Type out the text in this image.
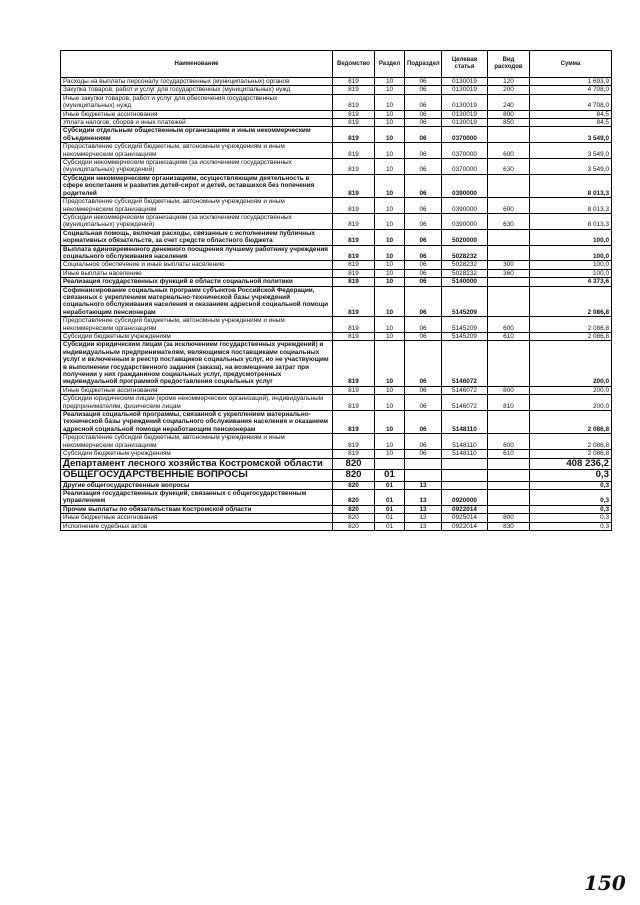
Наименование	Ведомство	Раздел	Подраздел	Целевая статья	Вид расходов	Сумма
Расходы на выплаты персоналу государственных (муниципальных) органов	819	10	06	0130019	120	1 693,9
Закупка товаров, работ и услуг для государственных (муниципальных) нужд	819	10	06	0130019	200	4 708,0
Иные закупки товаров, работ и услуг для обеспечения государственных (муниципальных) нужд	819	10	06	0130019	240	4 708,0
Иные бюджетные ассигнования	819	10	06	0130019	800	84,5
Уплата налогов, сборов и иных платежей	819	10	06	0130019	850	84,5
Субсидии отдельным общественным организациям и иным некоммерческим объединениям	819	10	06	0370000		3 549,0
Предоставление субсидий бюджетным, автономным учреждениям и иным некоммерческим организациям	819	10	06	0370000	600	3 549,0
Субсидии некоммерческим организациям (за исключением государственных (муниципальных) учреждений)	819	10	06	0370000	630	3 549,0
Субсидии некоммерческим организациям, осуществляющим деятельность в сфере воспитания и развития детей-сирот и детей, оставшихся без попечения родителей	819	10	06	0390000		8 013,3
Предоставление субсидий бюджетным, автономным учреждениям и иным некоммерческим организациям	819	10	06	0390000	600	8 013,3
Субсидии некоммерческим организациям (за исключением государственных (муниципальных) учреждений)	819	10	06	0390000	630	8 013,3
Социальная помощь, включая расходы, связанные с исполнением публичных нормативных обязательств, за счет средств областного бюджета	819	10	06	5020000		100,0
Выплата единовременного денежного поощрения лучшему работнику учреждения социального обслуживания населения	819	10	06	5028232		100,0
Социальное обеспечение и иные выплаты населению	819	10	06	5028232	300	100,0
Иные выплаты населению	819	10	06	5028232	360	100,0
Реализация государственных функций в области социальной политики	819	10	06	5140000		4 373,6
Софинансирование социальных программ субъектов Российской Федерации, связанных с укреплением материально-технической базы учреждений социального обслуживания населения и оказанием адресной социальной помощи неработающим пенсионерам	819	10	06	5145209		2 086,8
Предоставление субсидий бюджетным, автономным учреждениям и иным некоммерческим организациям	819	10	06	5145209	600	2 086,8
Субсидии бюджетным учреждениям	819	10	06	5145209	610	2 086,8
Субсидии юридическим лицам (за исключением государственных учреждений) и индивидуальным предпринимателям, являющимся поставщиками социальных услуг и включенным в реестр поставщиков социальных услуг, но не участвующим в выполнении государственного задания (заказа), на возмещение затрат при получении у них гражданином социальных услуг, предусмотренных индивидуальной программой предоставления социальных услуг	819	10	06	5146072		200,0
Иные бюджетные ассигнования	819	10	06	5146072	800	200,0
Субсидии юридическим лицам (кроме некоммерческих организаций), индивидуальным предпринимателям, физическим лицам	819	10	06	5146072	810	200,0
Реализация социальной программы, связанной с укреплением материально-технической базы учреждений социального обслуживания населения и оказанием адресной социальной помощи неработающим пенсионерам	819	10	06	5148110		2 086,8
Предоставление субсидий бюджетным, автономным учреждениям и иным некоммерческим организациям	819	10	06	5148110	600	2 086,8
Субсидии бюджетным учреждениям	819	10	06	5148110	610	2 086,8
Департамент лесного хозяйства Костромской области	820					408 236,2
ОБЩЕГОСУДАРСТВЕННЫЕ ВОПРОСЫ	820	01				0,3
Другие общегосударственные вопросы	820	01	13			0,3
Реализация государственных функций, связанных с общегосударственным управлением	820	01	13	0920000		0,3
Прочие выплаты по обязательствам Костромской области	820	01	13	0922014		0,3
Иные бюджетные ассигнования	820	01	13	0925014	800	0,3
Исполнение судебных актов	820	01	13	0922014	830	0,3
150
